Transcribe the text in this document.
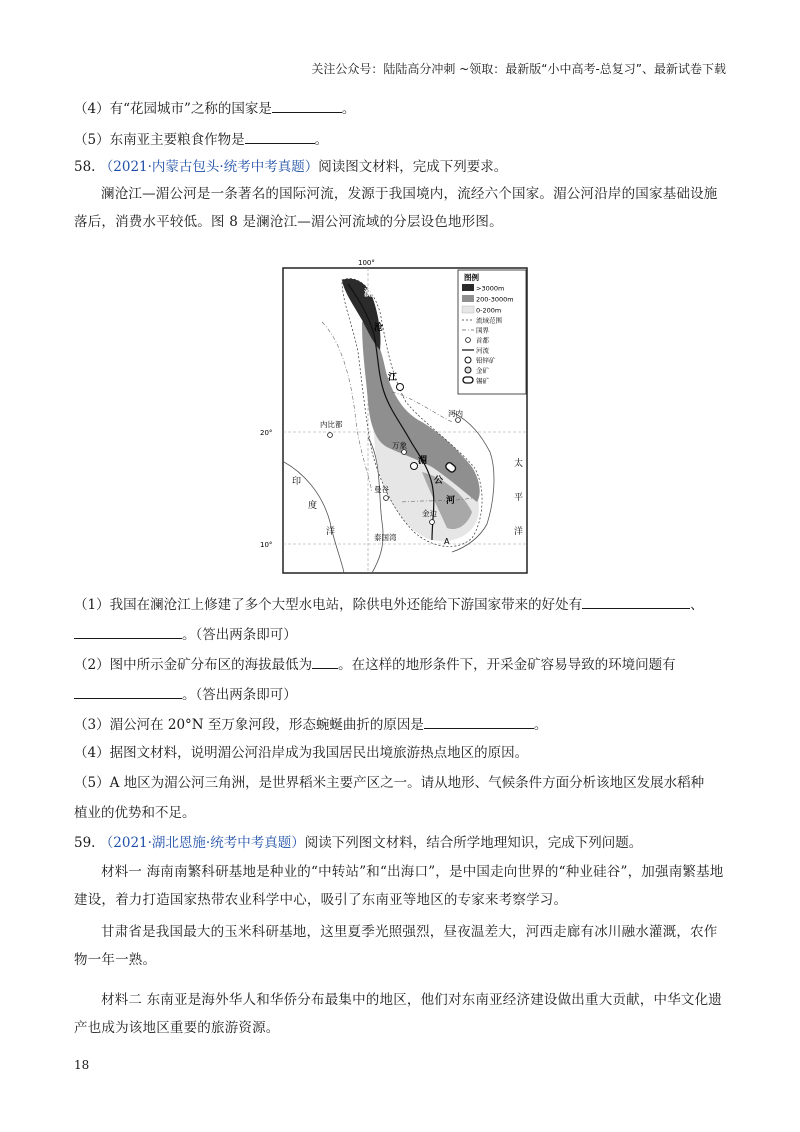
关注公众号：陆陆高分冲刺 ~领取：最新版“小中高考-总复习”、最新试卷下载
（4）有“花园城市”之称的国家是	。
（5）东南亚主要粮食作物是	。
58. （2021·内蒙古包头·统考中考真题）阅读图文材料，完成下列要求。
澜沧江—湄公河是一条著名的国际河流，发源于我国境内，流经六个国家。湄公河沿岸的国家基础设施落后，消费水平较低。图 8 是澜沧江—湄公河流域的分层设色地形图。
100°
20°
10°
澜
沧
江
湄
公
河
内比都
万象
曼谷
金边
河内
印
度
洋
太
平
洋
泰国湾	A
图例
>3000m
200-3000m
0-200m
流域范围
国界
首都
河流
铅锌矿
金矿
锡矿
（1）我国在澜沧江上修建了多个大型水电站，除供电外还能给下游国家带来的好处有	、
。（答出两条即可）
（2）图中所示金矿分布区的海拔最低为 。在这样的地形条件下，开采金矿容易导致的环境问题有
。（答出两条即可）
（3）湄公河在 20°N 至万象河段，形态蜿蜒曲折的原因是	。
（4）据图文材料，说明湄公河沿岸成为我国居民出境旅游热点地区的原因。
（5）A 地区为湄公河三角洲，是世界稻米主要产区之一。请从地形、气候条件方面分析该地区发展水稻种
植业的优势和不足。
59. （2021·湖北恩施·统考中考真题）阅读下列图文材料，结合所学地理知识，完成下列问题。
材料一 海南南繁科研基地是种业的“中转站”和“出海口”，是中国走向世界的“种业硅谷”，加强南繁基地建设，着力打造国家热带农业科学中心，吸引了东南亚等地区的专家来考察学习。
甘肃省是我国最大的玉米科研基地，这里夏季光照强烈，昼夜温差大，河西走廊有冰川融水灌溉，农作物一年一熟。
材料二 东南亚是海外华人和华侨分布最集中的地区，他们对东南亚经济建设做出重大贡献，中华文化遗产也成为该地区重要的旅游资源。
18
